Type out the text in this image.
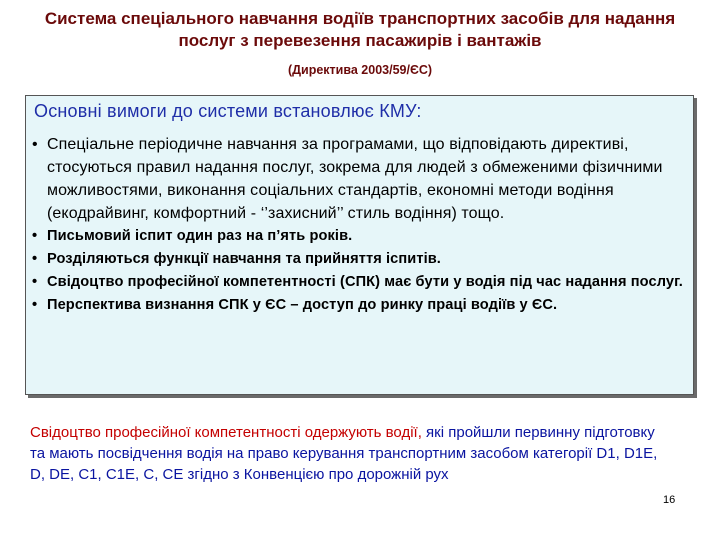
Система спеціального навчання водіїв транспортних засобів для надання послуг з перевезення пасажирів і вантажів
(Директива 2003/59/ЄС)
Основні вимоги до системи встановлює КМУ:
• Спеціальне періодичне навчання за програмами, що відповідають директиві, стосуються правил надання послуг, зокрема для людей з обмеженими фізичними можливостями, виконання соціальних стандартів, економні методи водіння (екодрайвинг, комфортний - ‘’захисний’’ стиль водіння) тощо.
• Письмовий іспит один раз на п’ять років.
• Розділяються функції навчання та прийняття іспитів.
• Свідоцтво професійної компетентності (СПК) має бути у водія під час надання послуг.
• Перспектива визнання СПК у ЄС – доступ до ринку праці водіїв у ЄС.
Свідоцтво професійної компетентності одержують водії, які пройшли первинну підготовку та мають посвідчення водія на право керування транспортним засобом категорії D1, D1E, D, DE, C1, C1E, C, CE згідно з Конвенцією про дорожній рух
16
